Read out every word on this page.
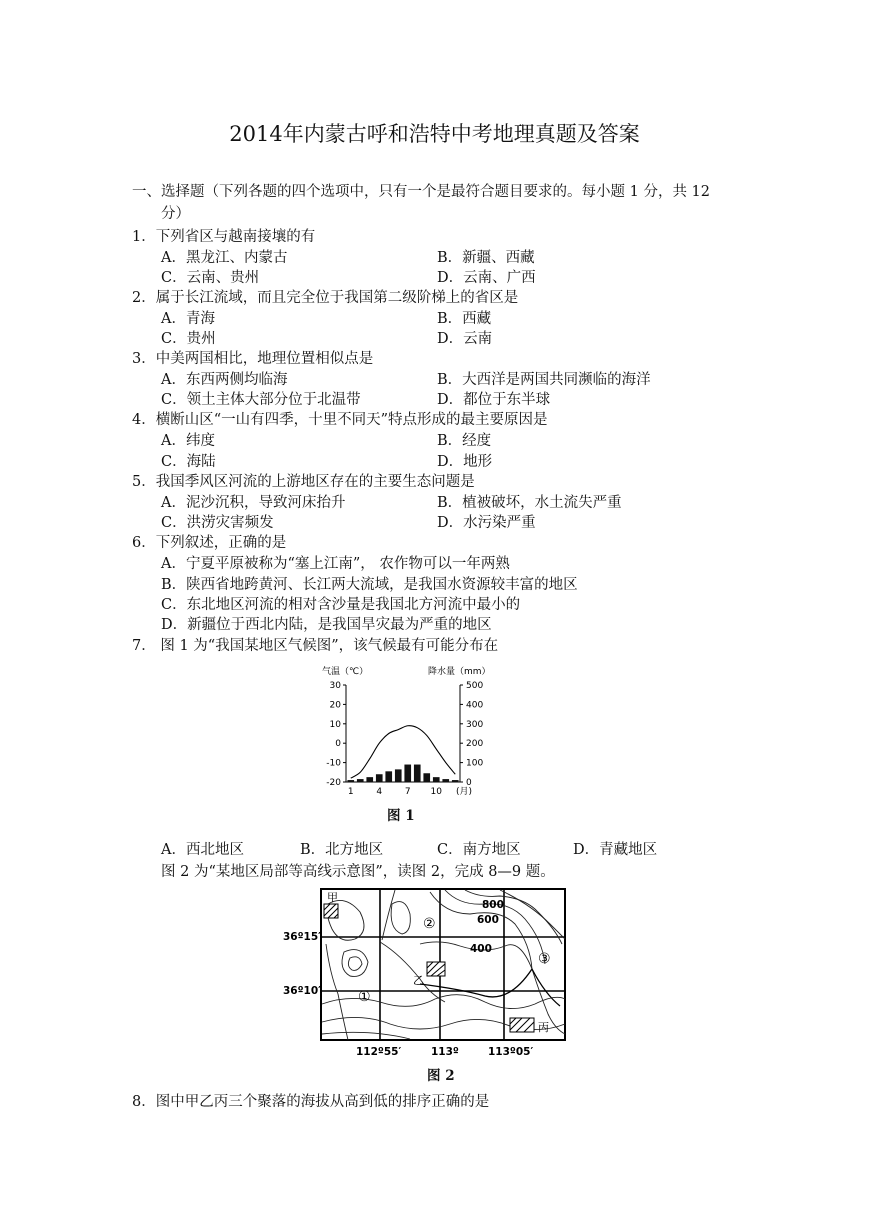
2014年内蒙古呼和浩特中考地理真题及答案
一、选择题（下列各题的四个选项中，只有一个是最符合题目要求的。每小题 1 分，共 12
分）
1．下列省区与越南接壤的有
A．黑龙江、内蒙古	B．新疆、西藏
C．云南、贵州	D．云南、广西
2．属于长江流域，而且完全位于我国第二级阶梯上的省区是
A．青海	B．西藏
C．贵州	D．云南
3．中美两国相比，地理位置相似点是
A．东西两侧均临海	B．大西洋是两国共同濒临的海洋
C．领土主体大部分位于北温带	D．都位于东半球
4．横断山区“一山有四季，十里不同天”特点形成的最主要原因是
A．纬度	B．经度
C．海陆	D．地形
5．我国季风区河流的上游地区存在的主要生态问题是
A．泥沙沉积，导致河床抬升	B．植被破坏，水土流失严重
C．洪涝灾害频发	D．水污染严重
6．下列叙述，正确的是
A．宁夏平原被称为“塞上江南”， 农作物可以一年两熟
B．陕西省地跨黄河、长江两大流域，是我国水资源较丰富的地区
C．东北地区河流的相对含沙量是我国北方河流中最小的
D．新疆位于西北内陆，是我国旱灾最为严重的地区
7． 图 1 为“我国某地区气候图”，该气候最有可能分布在
气温（℃）	降水量（mm）
30
20
10
0
-10
-20
500
400
300
200
100
0
1	4	7 10 (月)
图 1
A．西北地区	B．北方地区	C．南方地区	D．青藏地区
图 2 为“某地区局部等高线示意图”，读图 2，完成 8—9 题。
36º15′
36º10′
甲
乙
丙
800
600
400
②
①
③
112º55′	113º	113º05′
图 2
8．图中甲乙丙三个聚落的海拔从高到低的排序正确的是
